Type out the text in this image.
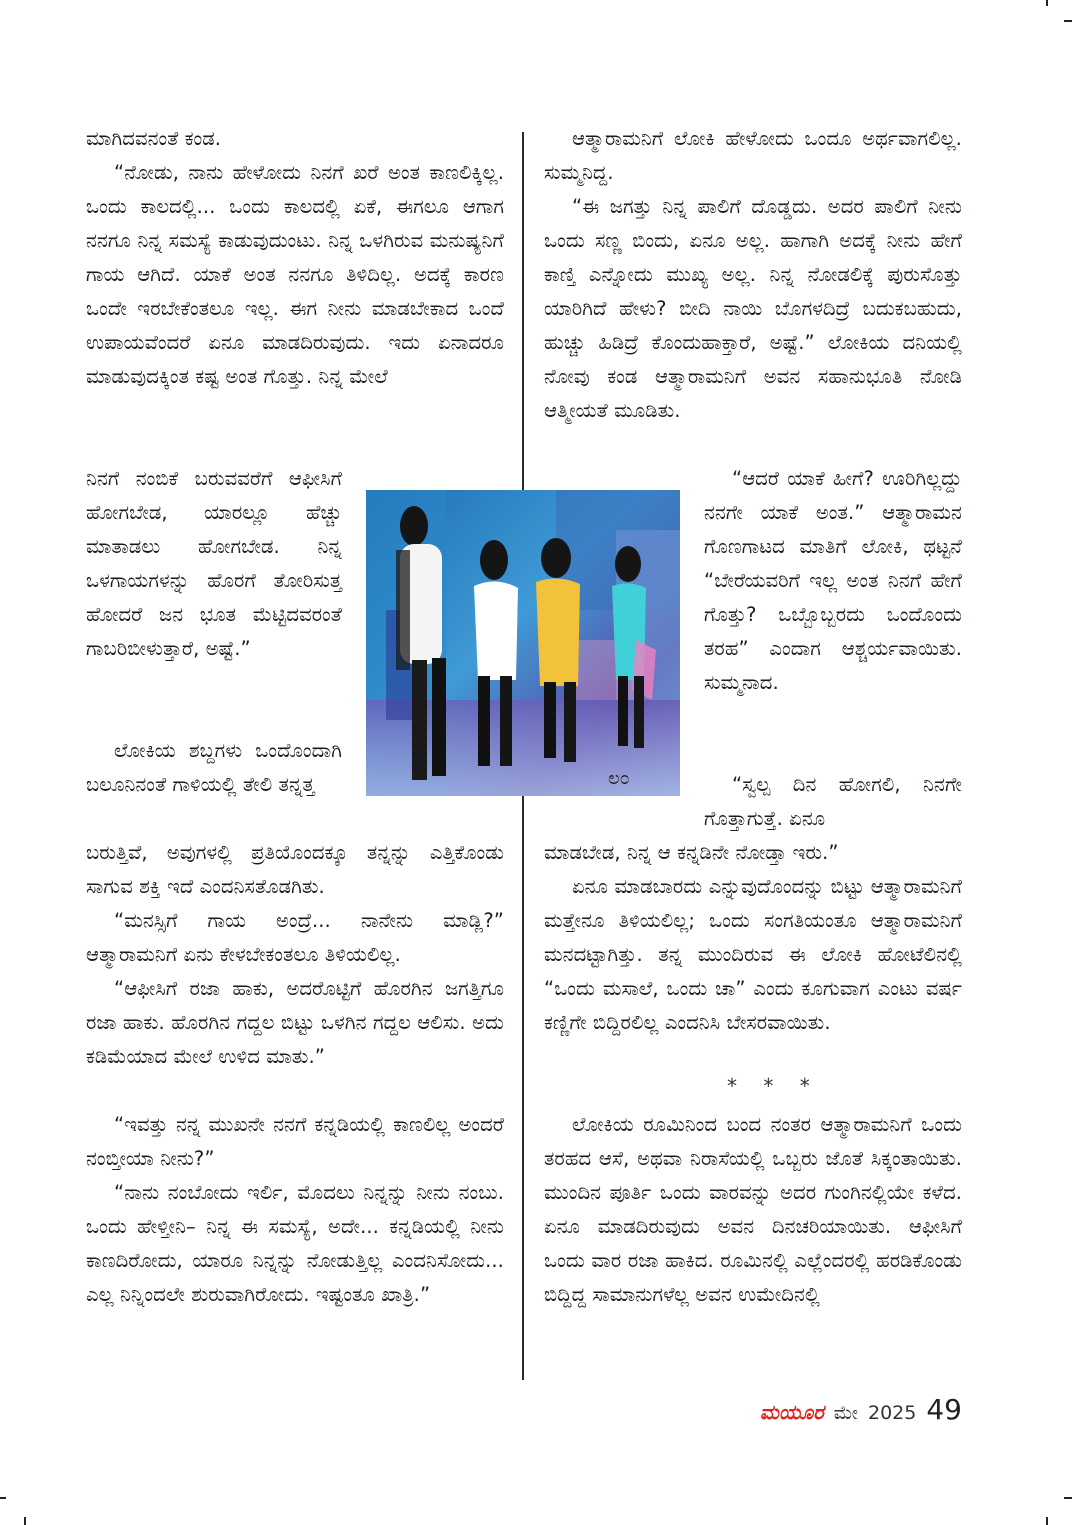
ಮಾಗಿದವನಂತೆ ಕಂಡ.

“ನೋಡು, ನಾನು ಹೇಳೋದು ನಿನಗೆ ಖರೆ ಅಂತ ಕಾಣಲಿಕ್ಕಿಲ್ಲ. ಒಂದು ಕಾಲದಲ್ಲಿ... ಒಂದು ಕಾಲದಲ್ಲಿ ಏಕೆ, ಈಗಲೂ ಆಗಾಗ ನನಗೂ ನಿನ್ನ ಸಮಸ್ಯೆ ಕಾಡುವುದುಂಟು. ನಿನ್ನ ಒಳಗಿರುವ ಮನುಷ್ಯನಿಗೆ ಗಾಯ ಆಗಿದೆ. ಯಾಕೆ ಅಂತ ನನಗೂ ತಿಳಿದಿಲ್ಲ. ಅದಕ್ಕೆ ಕಾರಣ ಒಂದೇ ಇರಬೇಕೆಂತಲೂ ಇಲ್ಲ. ಈಗ ನೀನು ಮಾಡಬೇಕಾದ ಒಂದೆ ಉಪಾಯವೆಂದರೆ ಏನೂ ಮಾಡದಿರುವುದು. ಇದು ಏನಾದರೂ ಮಾಡುವುದಕ್ಕಿಂತ ಕಷ್ಟ ಅಂತ ಗೊತ್ತು. ನಿನ್ನ ಮೇಲೆ

ನಿನಗೆ ನಂಬಿಕೆ ಬರುವವರೆಗೆ ಆಫೀಸಿಗೆ ಹೋಗಬೇಡ, ಯಾರಲ್ಲೂ ಹೆಚ್ಚು ಮಾತಾಡಲು ಹೋಗಬೇಡ. ನಿನ್ನ ಒಳಗಾಯಗಳನ್ನು ಹೊರಗೆ ತೋರಿಸುತ್ತ ಹೋದರೆ ಜನ ಭೂತ ಮೆಟ್ಟಿದವರಂತೆ ಗಾಬರಿಬೀಳುತ್ತಾರೆ, ಅಷ್ಟೆ.”

ಲೋಕಿಯ ಶಬ್ದಗಳು ಒಂದೊಂದಾಗಿ ಬಲೂನಿನಂತೆ ಗಾಳಿಯಲ್ಲಿ ತೇಲಿ ತನ್ನತ್ತ

ಬರುತ್ತಿವೆ, ಅವುಗಳಲ್ಲಿ ಪ್ರತಿಯೊಂದಕ್ಕೂ ತನ್ನನ್ನು ಎತ್ತಿಕೊಂಡು ಸಾಗುವ ಶಕ್ತಿ ಇದೆ ಎಂದನಿಸತೊಡಗಿತು.

“ಮನಸ್ಸಿಗೆ ಗಾಯ ಅಂದ್ರೆ... ನಾನೇನು ಮಾಡ್ಲಿ?” ಆತ್ಮಾರಾಮನಿಗೆ ಏನು ಕೇಳಬೇಕಂತಲೂ ತಿಳಿಯಲಿಲ್ಲ.

“ಆಫೀಸಿಗೆ ರಜಾ ಹಾಕು, ಅದರೊಟ್ಟಿಗೆ ಹೊರಗಿನ ಜಗತ್ತಿಗೂ ರಜಾ ಹಾಕು. ಹೊರಗಿನ ಗದ್ದಲ ಬಿಟ್ಟು ಒಳಗಿನ ಗದ್ದಲ ಆಲಿಸು. ಅದು ಕಡಿಮೆಯಾದ ಮೇಲೆ ಉಳಿದ ಮಾತು.”

“ಇವತ್ತು ನನ್ನ ಮುಖನೇ ನನಗೆ ಕನ್ನಡಿಯಲ್ಲಿ ಕಾಣಲಿಲ್ಲ ಅಂದರೆ ನಂಬ್ತೀಯಾ ನೀನು?”

“ನಾನು ನಂಬೋದು ಇರ್ಲಿ, ಮೊದಲು ನಿನ್ನನ್ನು ನೀನು ನಂಬು. ಒಂದು ಹೇಳ್ತೀನಿ– ನಿನ್ನ ಈ ಸಮಸ್ಯೆ, ಅದೇ... ಕನ್ನಡಿಯಲ್ಲಿ ನೀನು ಕಾಣದಿರೋದು, ಯಾರೂ ನಿನ್ನನ್ನು ನೋಡುತ್ತಿಲ್ಲ ಎಂದನಿಸೋದು... ಎಲ್ಲ ನಿನ್ನಿಂದಲೇ ಶುರುವಾಗಿರೋದು. ಇಷ್ಟಂತೂ ಖಾತ್ರಿ.”

ಆತ್ಮಾರಾಮನಿಗೆ ಲೋಕಿ ಹೇಳೋದು ಒಂದೂ ಅರ್ಥವಾಗಲಿಲ್ಲ. ಸುಮ್ಮನಿದ್ದ.

“ಈ ಜಗತ್ತು ನಿನ್ನ ಪಾಲಿಗೆ ದೊಡ್ಡದು. ಅದರ ಪಾಲಿಗೆ ನೀನು ಒಂದು ಸಣ್ಣ ಬಿಂದು, ಏನೂ ಅಲ್ಲ. ಹಾಗಾಗಿ ಅದಕ್ಕೆ ನೀನು ಹೇಗೆ ಕಾಣ್ತಿ ಎನ್ನೋದು ಮುಖ್ಯ ಅಲ್ಲ. ನಿನ್ನ ನೋಡಲಿಕ್ಕೆ ಪುರುಸೊತ್ತು ಯಾರಿಗಿದೆ ಹೇಳು? ಬೀದಿ ನಾಯಿ ಬೊಗಳದಿದ್ರೆ ಬದುಕಬಹುದು, ಹುಚ್ಚು ಹಿಡಿದ್ರೆ ಕೊಂದುಹಾಕ್ತಾರೆ, ಅಷ್ಟೆ.” ಲೋಕಿಯ ದನಿಯಲ್ಲಿ ನೋವು ಕಂಡ ಆತ್ಮಾರಾಮನಿಗೆ ಅವನ ಸಹಾನುಭೂತಿ ನೋಡಿ ಆತ್ಮೀಯತೆ ಮೂಡಿತು.

“ಆದರೆ ಯಾಕೆ ಹೀಗೆ? ಊರಿಗಿಲ್ಲದ್ದು ನನಗೇ ಯಾಕೆ ಅಂತ.” ಆತ್ಮಾರಾಮನ ಗೊಣಗಾಟದ ಮಾತಿಗೆ ಲೋಕಿ, ಥಟ್ಟನೆ “ಬೇರೆಯವರಿಗೆ ಇಲ್ಲ ಅಂತ ನಿನಗೆ ಹೇಗೆ ಗೊತ್ತು? ಒಬ್ಬೊಬ್ಬರದು ಒಂದೊಂದು ತರಹ” ಎಂದಾಗ ಆಶ್ಚರ್ಯವಾಯಿತು. ಸುಮ್ಮನಾದ.

“ಸ್ವಲ್ಪ ದಿನ ಹೋಗಲಿ, ನಿನಗೇ ಗೊತ್ತಾಗುತ್ತೆ. ಏನೂ

ಮಾಡಬೇಡ, ನಿನ್ನ ಆ ಕನ್ನಡಿನೇ ನೋಡ್ತಾ ಇರು.”

ಏನೂ ಮಾಡಬಾರದು ಎನ್ನುವುದೊಂದನ್ನು ಬಿಟ್ಟು ಆತ್ಮಾರಾಮನಿಗೆ ಮತ್ತೇನೂ ತಿಳಿಯಲಿಲ್ಲ; ಒಂದು ಸಂಗತಿಯಂತೂ ಆತ್ಮಾರಾಮನಿಗೆ ಮನದಟ್ಟಾಗಿತ್ತು. ತನ್ನ ಮುಂದಿರುವ ಈ ಲೋಕಿ ಹೋಟೆಲಿನಲ್ಲಿ “ಒಂದು ಮಸಾಲೆ, ಒಂದು ಚಾ” ಎಂದು ಕೂಗುವಾಗ ಎಂಟು ವರ್ಷ ಕಣ್ಣಿಗೇ ಬಿದ್ದಿರಲಿಲ್ಲ ಎಂದನಿಸಿ ಬೇಸರವಾಯಿತು.

* * *

ಲೋಕಿಯ ರೂಮಿನಿಂದ ಬಂದ ನಂತರ ಆತ್ಮಾರಾಮನಿಗೆ ಒಂದು ತರಹದ ಆಸೆ, ಅಥವಾ ನಿರಾಸೆಯಲ್ಲಿ ಒಬ್ಬರು ಜೊತೆ ಸಿಕ್ಕಂತಾಯಿತು. ಮುಂದಿನ ಪೂರ್ತಿ ಒಂದು ವಾರವನ್ನು ಅದರ ಗುಂಗಿನಲ್ಲಿಯೇ ಕಳೆದ. ಏನೂ ಮಾಡದಿರುವುದು ಅವನ ದಿನಚರಿಯಾಯಿತು. ಆಫೀಸಿಗೆ ಒಂದು ವಾರ ರಜಾ ಹಾಕಿದ. ರೂಮಿನಲ್ಲಿ ಎಲ್ಲೆಂದರಲ್ಲಿ ಹರಡಿಕೊಂಡು ಬಿದ್ದಿದ್ದ ಸಾಮಾನುಗಳೆಲ್ಲ ಅವನ ಉಮೇದಿನಲ್ಲಿ

ಲ೦
ಮಯೂರ ಮೇ 2025 49
